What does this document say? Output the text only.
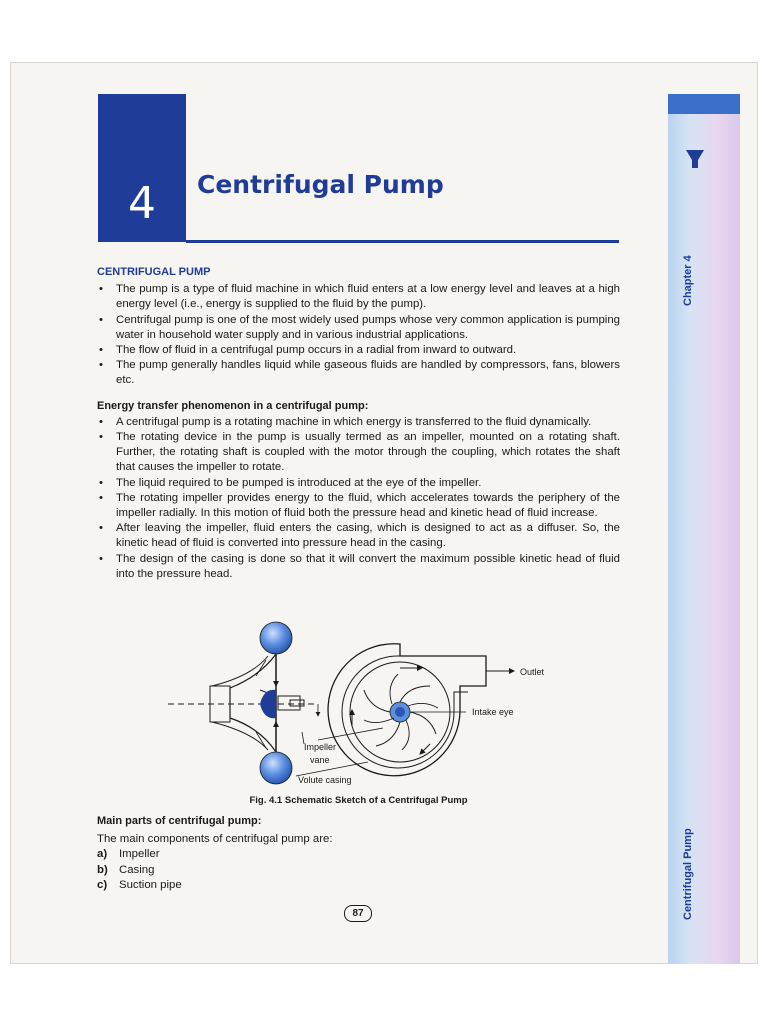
Chapter 4
Centrifugal Pump
4	Centrifugal Pump
CENTRIFUGAL PUMP
• The pump is a type of fluid machine in which fluid enters at a low energy level and leaves at a high energy level (i.e., energy is supplied to the fluid by the pump).
• Centrifugal pump is one of the most widely used pumps whose very common application is pumping water in household water supply and in various industrial applications.
• The flow of fluid in a centrifugal pump occurs in a radial from inward to outward.
• The pump generally handles liquid while gaseous fluids are handled by compressors, fans, blowers etc.
Energy transfer phenomenon in a centrifugal pump:
• A centrifugal pump is a rotating machine in which energy is transferred to the fluid dynamically.
• The rotating device in the pump is usually termed as an impeller, mounted on a rotating shaft. Further, the rotating shaft is coupled with the motor through the coupling, which rotates the shaft that causes the impeller to rotate.
• The liquid required to be pumped is introduced at the eye of the impeller.
• The rotating impeller provides energy to the fluid, which accelerates towards the periphery of the impeller radially. In this motion of fluid both the pressure head and kinetic head of fluid increase.
• After leaving the impeller, fluid enters the casing, which is designed to act as a diffuser. So, the kinetic head of fluid is converted into pressure head in the casing.
• The design of the casing is done so that it will convert the maximum possible kinetic head of fluid into the pressure head.
Outlet
Intake eye
Impeller
vane
Volute casing
Fig. 4.1 Schematic Sketch of a Centrifugal Pump
Main parts of centrifugal pump:
The main components of centrifugal pump are:
a)	Impeller
b) Casing
c)	Suction pipe
87
